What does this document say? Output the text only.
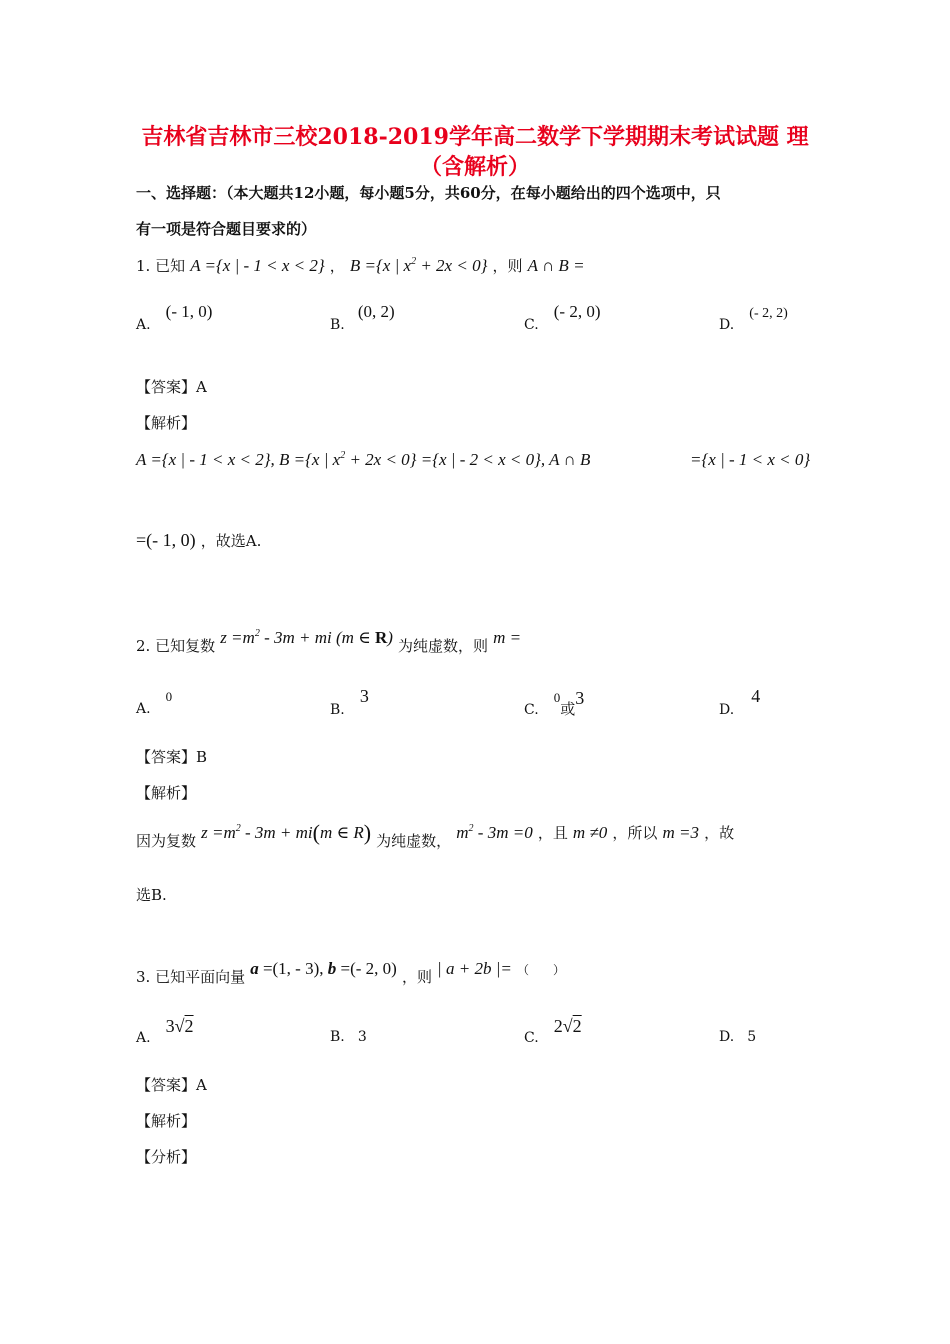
吉林省吉林市三校2018-2019学年高二数学下学期期末考试试题 理
（含解析）
一、选择题：（本大题共12小题，每小题5分，共60分，在每小题给出的四个选项中，只
有一项是符合题目要求的）
1. 已知 A ={x | - 1 < x < 2} ， B ={x | $x^2 + 2x < 0$} ，则 A ∩ B =
A. (- 1, 0)
B. (0, 2)
C. (- 2, 0)
D. (- 2, 2)
【答案】A
【解析】
A ={x | - 1 < x < 2}, B ={x | $x^2 + 2x < 0\} =\{x$ | - 2 < x < 0}, A ∩ B	={x | - 1 < x < 0}
=(- 1, 0) ，故选A.
2. 已知复数 $z =m^2 - 3m$ + mi (m ∈ R) 为纯虚数，则 m =
A. $^0$
B. 3
C. $^0$或3
D. 4
【答案】B
【解析】
因为复数 $z =m^2 - 3m + mi(m$ ∈ R) 为纯虚数， $m^2 - 3m =0$ ，且 m ≠0 ，所以 m =3 ，故
选B.
3. 已知平面向量 a =(1, - 3), b =(- 2, 0) ，则 | a + 2b |= （　　）
A. 3√2
B. 3	C. 2√2
D. 5
【答案】A
【解析】
【分析】
